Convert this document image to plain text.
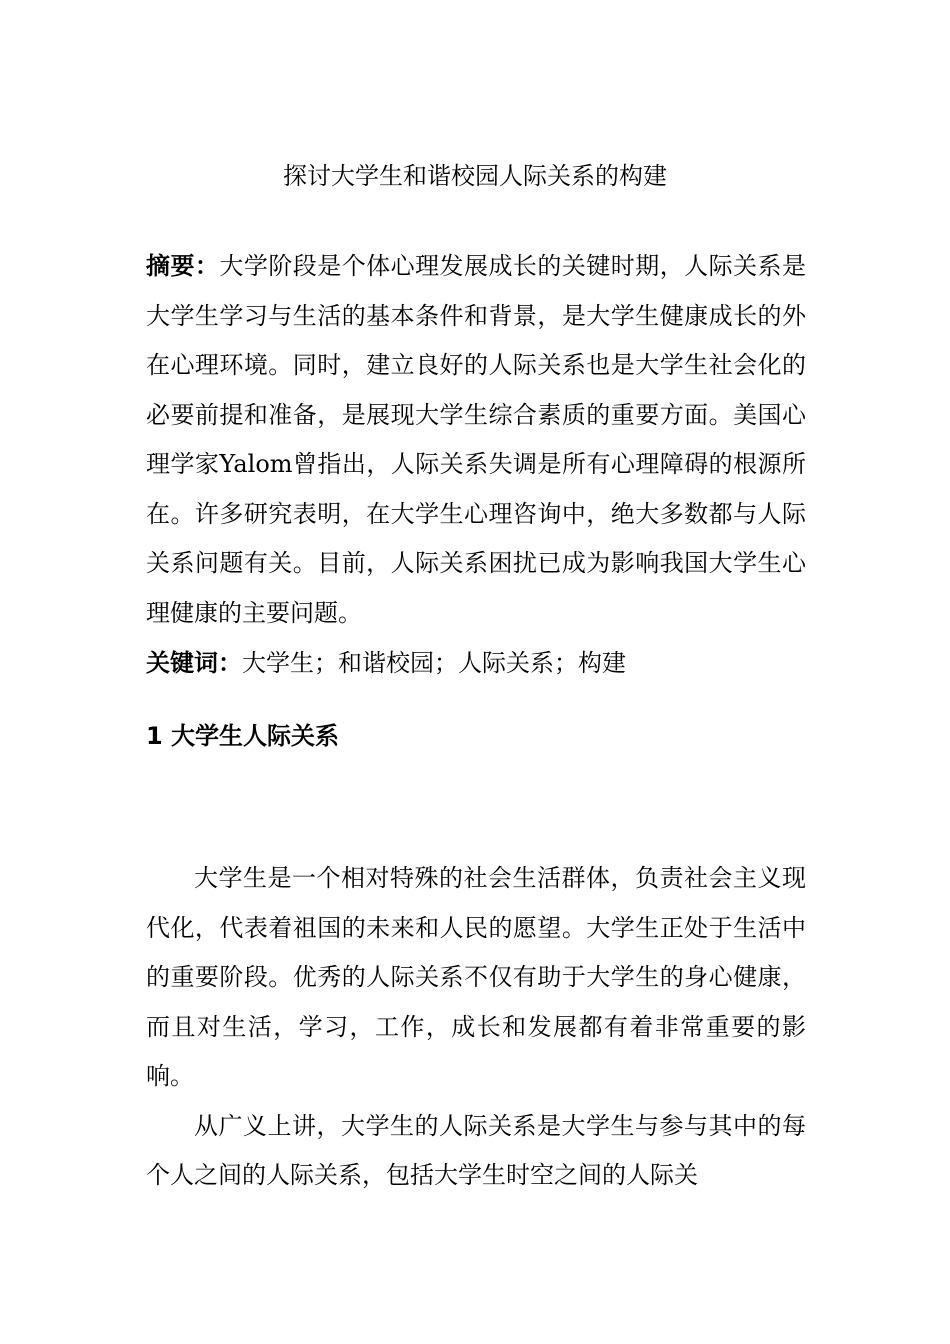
探讨大学生和谐校园人际关系的构建
摘要：大学阶段是个体心理发展成长的关键时期，人际关系是大学生学习与生活的基本条件和背景，是大学生健康成长的外在心理环境。同时，建立良好的人际关系也是大学生社会化的必要前提和准备，是展现大学生综合素质的重要方面。美国心理学家Yalom曾指出，人际关系失调是所有心理障碍的根源所在。许多研究表明，在大学生心理咨询中，绝大多数都与人际关系问题有关。目前，人际关系困扰已成为影响我国大学生心理健康的主要问题。
关键词：大学生；和谐校园；人际关系；构建
1 大学生人际关系

大学生是一个相对特殊的社会生活群体，负责社会主义现代化，代表着祖国的未来和人民的愿望。大学生正处于生活中的重要阶段。优秀的人际关系不仅有助于大学生的身心健康，而且对生活，学习，工作，成长和发展都有着非常重要的影响。

从广义上讲，大学生的人际关系是大学生与参与其中的每个人之间的人际关系，包括大学生时空之间的人际关
